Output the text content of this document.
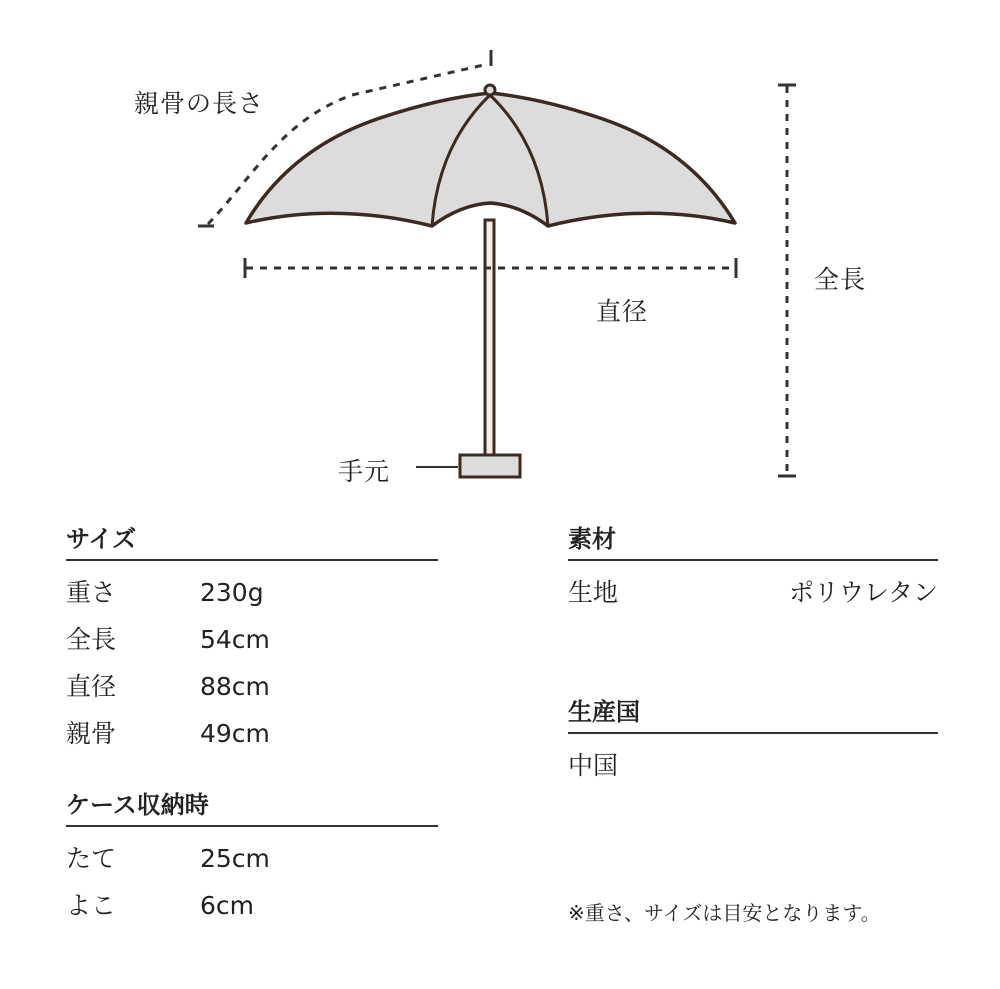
親骨の長さ
直径
全長
手元
サイズ
重さ	230g
全長	54cm
直径	88cm
親骨	49cm
ケース収納時
たて	25cm
よこ	6cm
素材
生地	ポリウレタン
生産国
中国
※重さ、サイズは目安となります。
